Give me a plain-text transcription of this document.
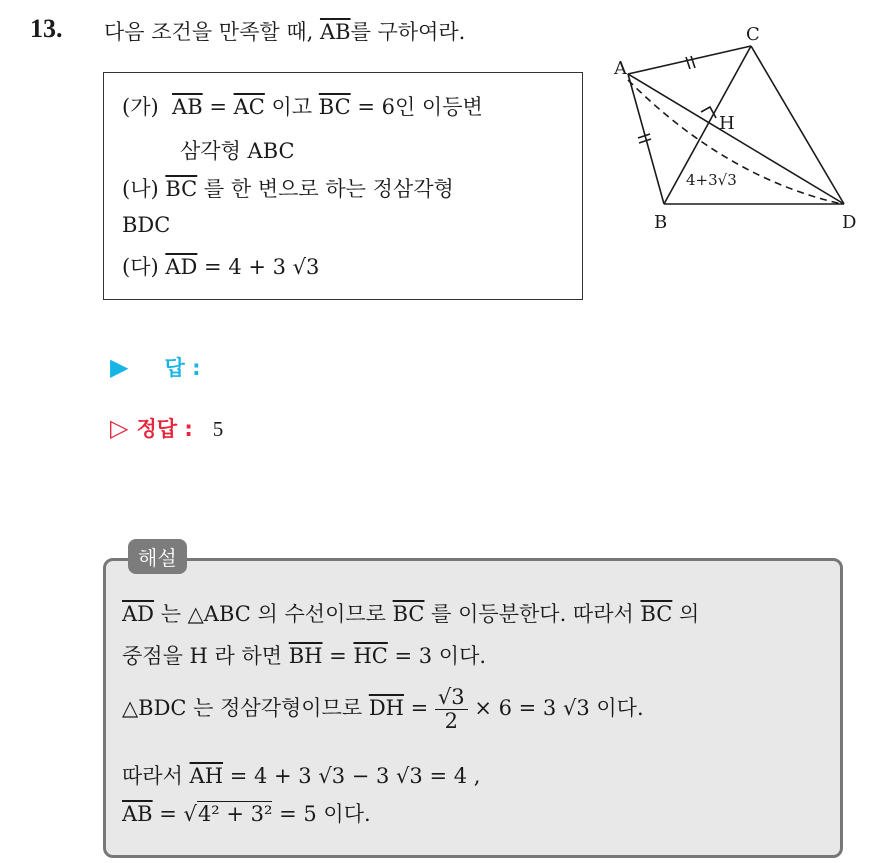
13. 다음 조건을 만족할 때, $\overline{AB}$를 구하여라.
(가) $\overline{AB} = \overline{AC}$ 이고 $\overline{BC} = 6$인 이등변
삼각형 ABC
(나) $\overline{BC}$ 를 한 변으로 하는 정삼각형
BDC
(다) $\overline{AD} = 4 + 3$ √3
A
C
B	D
H
4+3√3
▶ 답 :
▷ 정답 : 5
해설
$\overline{AD}$ 는 △ABC 의 수선이므로 $\overline{BC}$ 를 이등분한다. 따라서 $\overline{BC}$ 의
중점을 H 라 하면 $\overline{BH} = \overline{HC} = 3$ 이다.
△BDC 는 정삼각형이므로 $\overline{DH} = \frac{√3}{2} \times 6 = 3$ √3 이다.
따라서 $\overline{AH} = 4 + 3$ √3 − 3 √3 = 4 ,
$\overline{AB} = √4^2 + 3^2 = 5$ 이다.
